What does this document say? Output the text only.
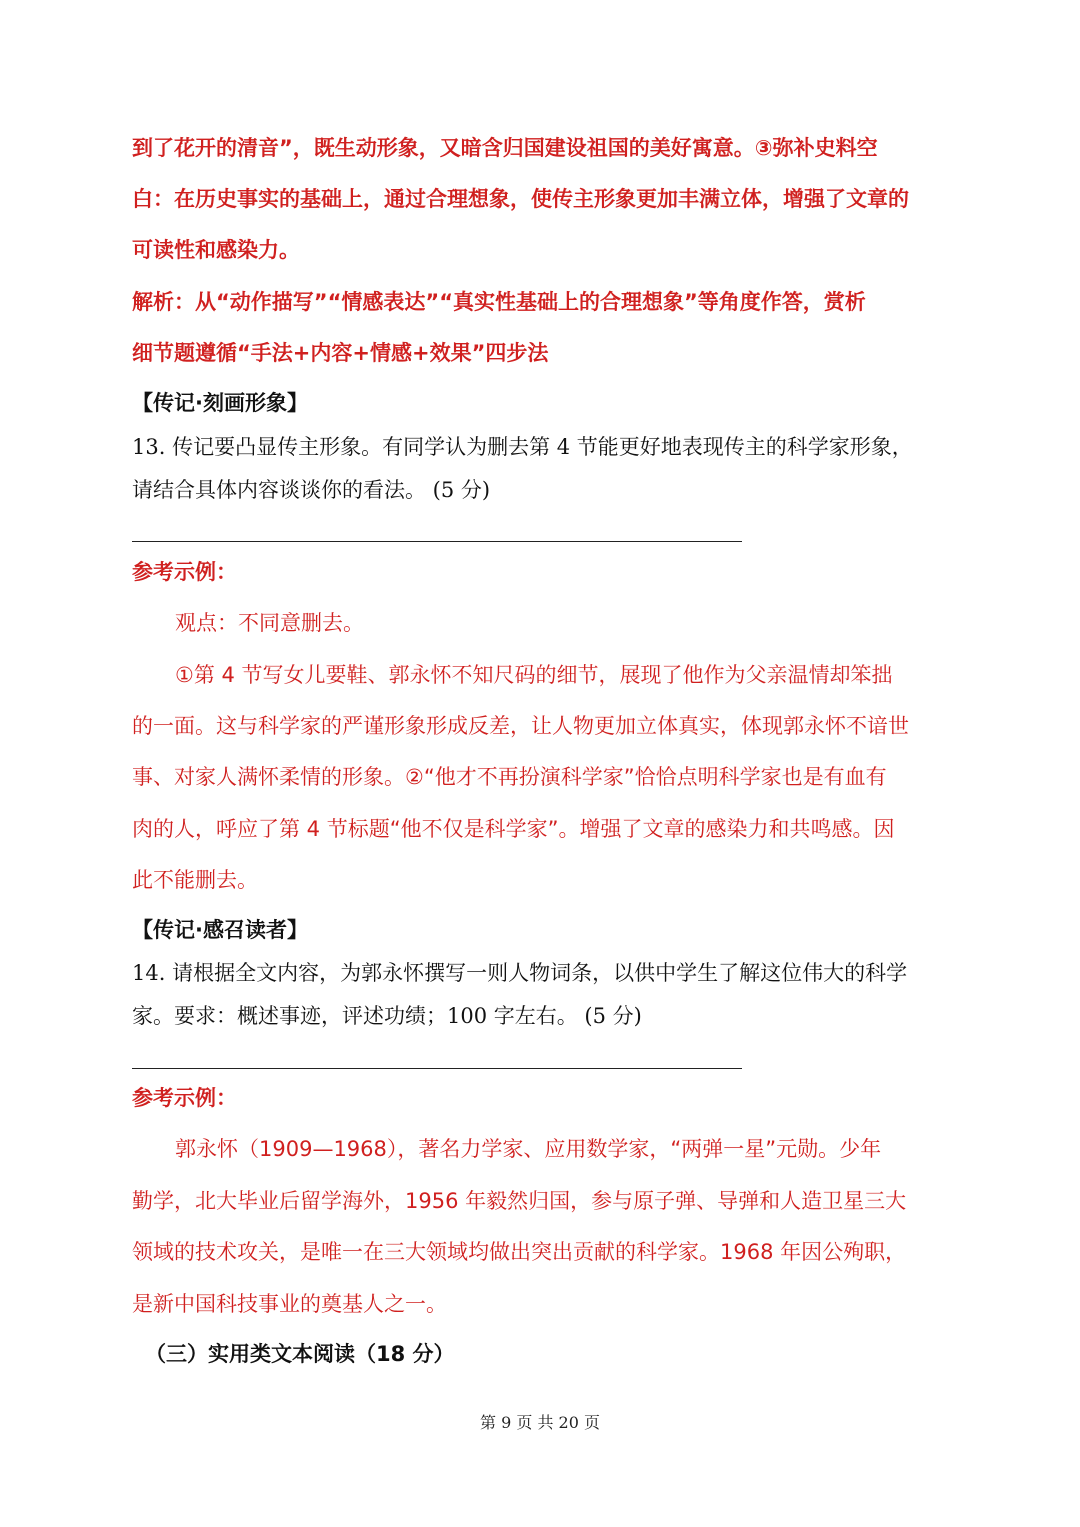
到了花开的清音”，既生动形象，又暗含归国建设祖国的美好寓意。③弥补史料空
白：在历史事实的基础上，通过合理想象，使传主形象更加丰满立体，增强了文章的
可读性和感染力。
解析：从“动作描写”“情感表达”“真实性基础上的合理想象”等角度作答，赏析
细节题遵循“手法+内容+情感+效果”四步法
【传记·刻画形象】
13. 传记要凸显传主形象。有同学认为删去第 4 节能更好地表现传主的科学家形象，
请结合具体内容谈谈你的看法。 (5 分)
参考示例：
观点：不同意删去。
①第 4 节写女儿要鞋、郭永怀不知尺码的细节，展现了他作为父亲温情却笨拙
的一面。这与科学家的严谨形象形成反差，让人物更加立体真实，体现郭永怀不谙世
事、对家人满怀柔情的形象。②“他才不再扮演科学家”恰恰点明科学家也是有血有
肉的人，呼应了第 4 节标题“他不仅是科学家”。增强了文章的感染力和共鸣感。因
此不能删去。
【传记·感召读者】
14. 请根据全文内容，为郭永怀撰写一则人物词条，以供中学生了解这位伟大的科学
家。要求：概述事迹，评述功绩；100 字左右。 (5 分)
参考示例：
郭永怀（1909—1968），著名力学家、应用数学家，“两弹一星”元勋。少年
勤学，北大毕业后留学海外，1956 年毅然归国，参与原子弹、导弹和人造卫星三大
领域的技术攻关，是唯一在三大领域均做出突出贡献的科学家。1968 年因公殉职，
是新中国科技事业的奠基人之一。
（三）实用类文本阅读（18 分）
第 9 页 共 20 页
